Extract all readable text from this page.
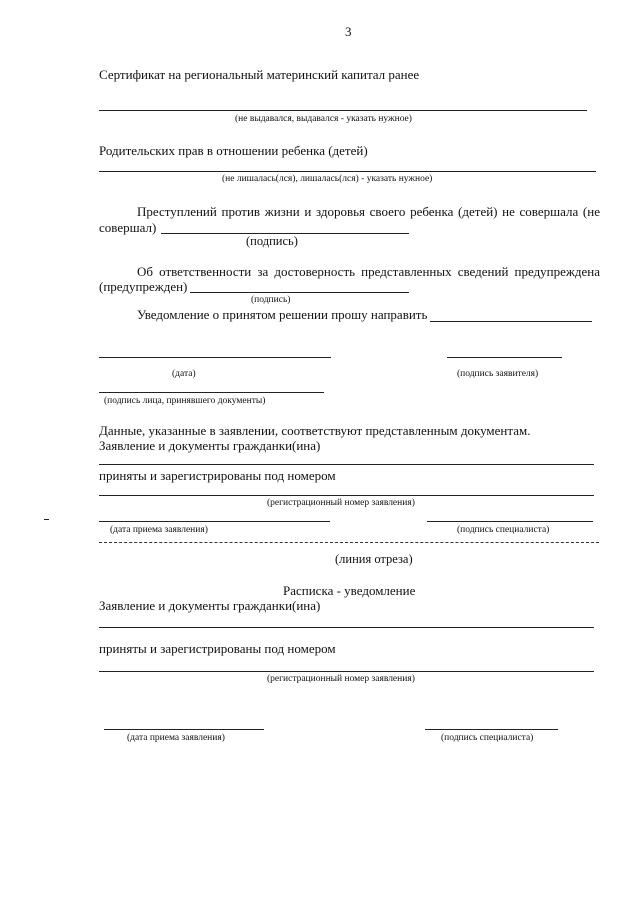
3
Сертификат на региональный материнский капитал ранее
(не выдавался, выдавался - указать нужное)
Родительских прав в отношении ребенка (детей)
(не лишалась(лся), лишалась(лся) - указать нужное)
Преступлений против жизни и здоровья своего ребенка (детей) не совершала (не
совершал)
(подпись)
Об ответственности за достоверность представленных сведений предупреждена
(предупрежден)
(подпись)
Уведомление о принятом решении прошу направить
(дата)	(подпись заявителя)
(подпись лица, принявшего документы)
Данные, указанные в заявлении, соответствуют представленным документам.
Заявление и документы гражданки(ина)
приняты и зарегистрированы под номером
(регистрационный номер заявления)
(дата приема заявления)	(подпись специалиста)
(линия отреза)
Расписка - уведомление
Заявление и документы гражданки(ина)
приняты и зарегистрированы под номером
(регистрационный номер заявления)
(дата приема заявления)	(подпись специалиста)
